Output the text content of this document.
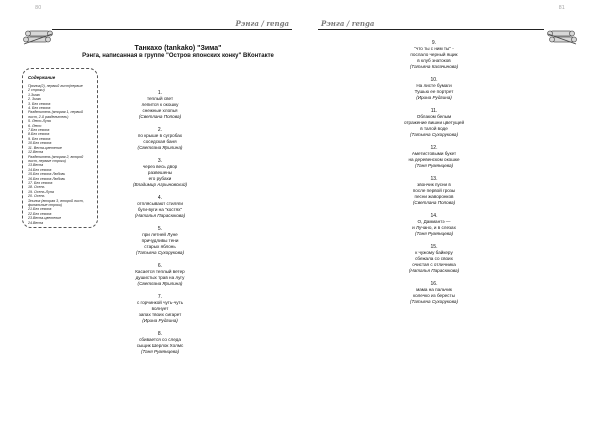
80
Рэнга / renga
Танкахо (tankako) "Зима"
Рэнга, написанная в группе "Остров японских конку" ВКонтакте
Содержание
Пролог(2), первый лист(первые
2 строки)
1.Зима
2. Зима
3. Без сезона
4. Без сезона
Разделитель (вторая 1, первый
лист, 2-й разделитель)
5. Лето-Луна
6. Лето
7.Без сезона
8.Без сезона
9. Без сезона
10.Без сезона
11. Весна-цветение
12.Весна
Разделитель (вторая 2, второй
лист, первые строки)
13.Весна
14.Без сезона
15.Без сезона Любовь
16.Без сезона Любовь
17. Без сезона
18. Осень
19. Осень-Луна
20. Осень
Эпилог (вторая 3, второй лист,
финальные строки)
21.Без сезона
22.Без сезона
23.Весна-цветение
24.Весна
1.
теплый свет
лепится к окошку
снежные хлопья
(Светлана Попова)
2.
по крыше в сугробах
соседская баня
(Светлана Ярилина)
3.
через весь двор
развешены
его рубахи
(Владимир Агрыновский)
4.
отплясывают стиляги
буги-вуги на "костях"
(Наталья Парасюкова)
5.
при летней Луне
причудливы тени
старых яблонь
(Татьяна Сухорукова)
6.
Касается теплый ветер
душистых трав на лугу
(Светлана Ярилина)
7.
с горчинкой чуть-чуть
волнует
запах твоих сигарет
(Ирина Рудгина)
8.
сбивается со следа
сыщик Шерлок Холмс
(Таня Румянцева)
81
Рэнга / renga
9.
"что ты с ним ты" -
послало черный ящик
в клуб знатоков
(Татьяна Калачинова)
10.
На листе бумаги
Тушью ее портрет
(Ирина Рудгина)
11.
Облаком белым
отражение вишни цветущей
в талой воде
(Татьяна Сухорукова)
12.
Аметистовыми букет
на деревенском окошке
(Таня Румянцева)
13.
звончик пусни в
после первой грозы
песни жаворонков
(Светлана Попова)
14.
О, Дамиантэ —
и Лучано, и в слезах
(Таня Румянцева)
15.
к чужому байкеру
сбежала со своих
очистая с отличника
(Наталья Парасюкова)
16.
мама на пальчик
колечко из бересты
(Татьяна Сухорукова)
